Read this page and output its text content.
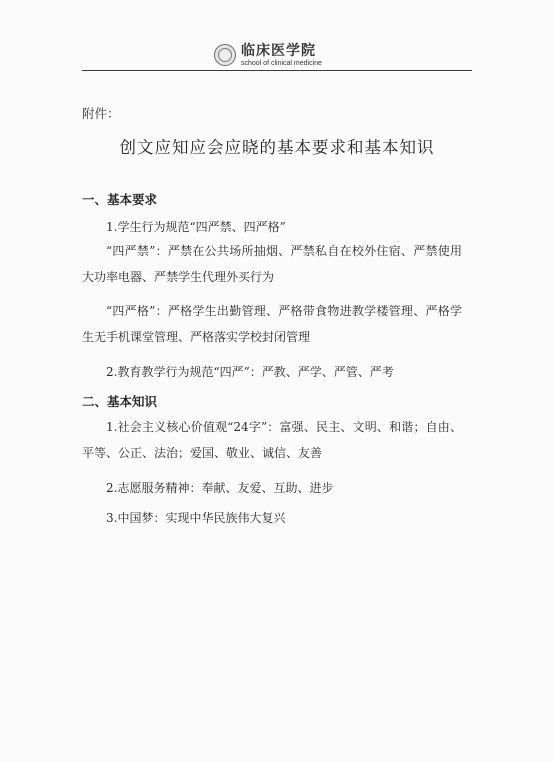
临床医学院
school of clinical medicine
附件：
创文应知应会应晓的基本要求和基本知识
一、基本要求
1.学生行为规范“四严禁、四严格”
“四严禁”：严禁在公共场所抽烟、严禁私自在校外住宿、严禁使用大功率电器、严禁学生代理外买行为
“四严格”：严格学生出勤管理、严格带食物进教学楼管理、严格学生无手机课堂管理、严格落实学校封闭管理
2.教育教学行为规范“四严”：严教、严学、严管、严考
二、基本知识
1.社会主义核心价值观“24字”：富强、民主、文明、和谐；自由、平等、公正、法治；爱国、敬业、诚信、友善
2.志愿服务精神：奉献、友爱、互助、进步
3.中国梦：实现中华民族伟大复兴
